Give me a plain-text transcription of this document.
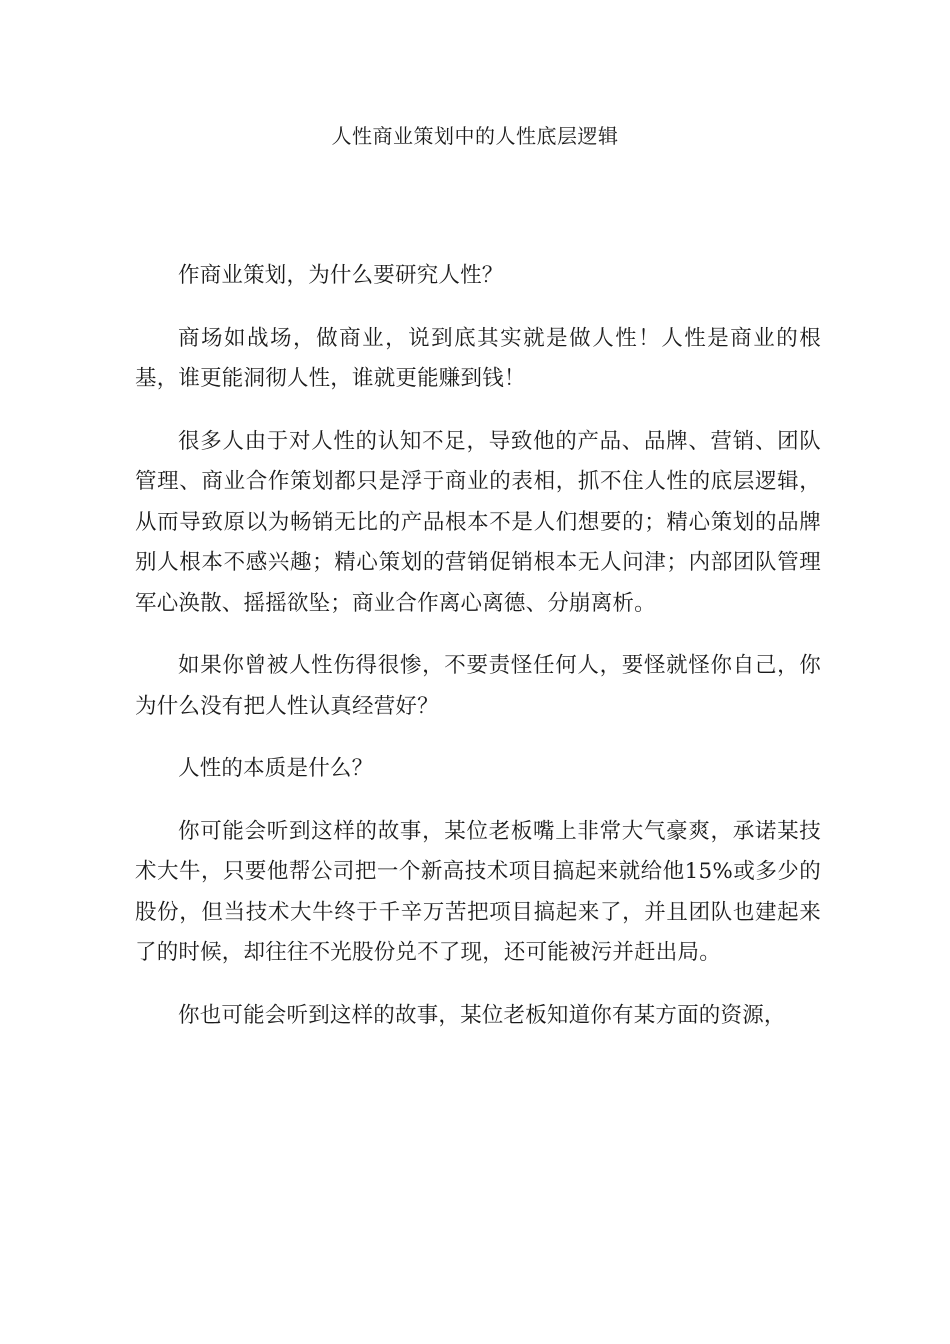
人性商业策划中的人性底层逻辑

作商业策划，为什么要研究人性？

商场如战场，做商业，说到底其实就是做人性！人性是商业的根基，谁更能洞彻人性，谁就更能赚到钱！

很多人由于对人性的认知不足，导致他的产品、品牌、营销、团队管理、商业合作策划都只是浮于商业的表相，抓不住人性的底层逻辑，从而导致原以为畅销无比的产品根本不是人们想要的；精心策划的品牌别人根本不感兴趣；精心策划的营销促销根本无人问津；内部团队管理军心涣散、摇摇欲坠；商业合作离心离德、分崩离析。

如果你曾被人性伤得很惨，不要责怪任何人，要怪就怪你自己，你为什么没有把人性认真经营好？

人性的本质是什么？

你可能会听到这样的故事，某位老板嘴上非常大气豪爽，承诺某技术大牛，只要他帮公司把一个新高技术项目搞起来就给他15%或多少的股份，但当技术大牛终于千辛万苦把项目搞起来了，并且团队也建起来了的时候，却往往不光股份兑不了现，还可能被污并赶出局。

你也可能会听到这样的故事，某位老板知道你有某方面的资源，
